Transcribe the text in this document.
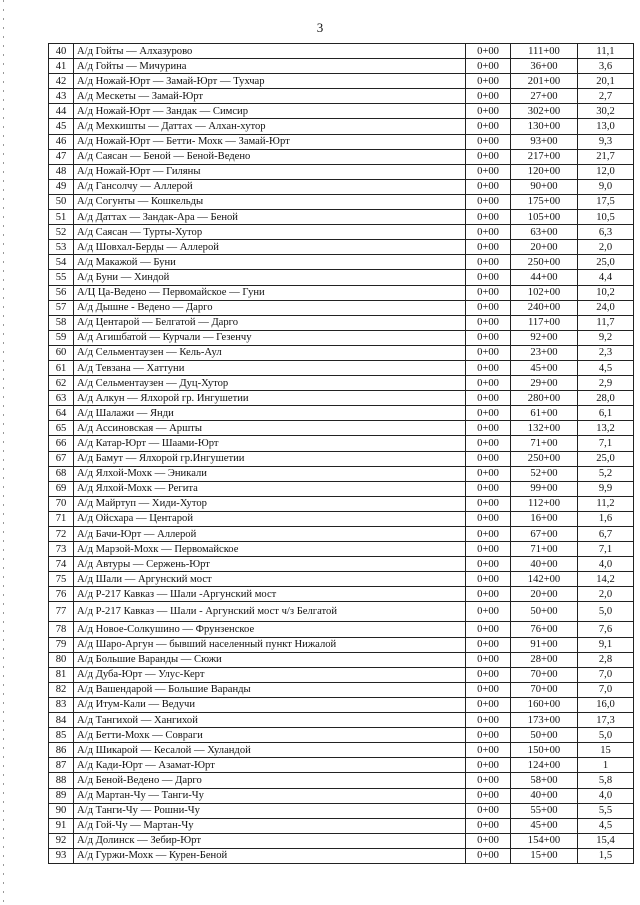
3
40	А/д Гойты — Алхазурово	0+00	111+00	11,1
41	А/д Гойты — Мичурина	0+00	36+00	3,6
42	А/д Ножай-Юрт — Замай-Юрт — Тухчар	0+00	201+00	20,1
43	А/д Мескеты — Замай-Юрт	0+00	27+00	2,7
44	А/д Ножай-Юрт — Зандак — Симсир	0+00	302+00	30,2
45	А/д Мехкишты — Даттах — Алхан-хутор	0+00	130+00	13,0
46	А/д Ножай-Юрт — Бетти- Мохк — Замай-Юрт	0+00	93+00	9,3
47	А/д Саясан — Беной — Беной-Ведено	0+00	217+00	21,7
48	А/д Ножай-Юрт — Гиляны	0+00	120+00	12,0
49	А/д Гансолчу — Аллерой	0+00	90+00	9,0
50	А/д Согунты — Кошкельды	0+00	175+00	17,5
51	А/д Даттах — Зандак-Ара — Беной	0+00	105+00	10,5
52	А/д Саясан — Турты-Хутор	0+00	63+00	6,3
53	А/д Шовхал-Берды — Аллерой	0+00	20+00	2,0
54	А/д Макажой — Буни	0+00	250+00	25,0
55	А/д Буни — Хиндой	0+00	44+00	4,4
56	А/Ц Ца-Ведено — Первомайское — Гуни	0+00	102+00	10,2
57	А/д Дышне - Ведено — Дарго	0+00	240+00	24,0
58	А/д Центарой — Белгатой — Дарго	0+00	117+00	11,7
59	А/д Агишбатой — Курчали — Гезенчу	0+00	92+00	9,2
60	А/д Сельментаузен — Кель-Аул	0+00	23+00	2,3
61	А/д Тевзана — Хаттуни	0+00	45+00	4,5
62	А/д Сельментаузен — Дуц-Хутор	0+00	29+00	2,9
63	А/д Алкун — Ялхорой гр. Ингушетии	0+00	280+00	28,0
64	А/д Шалажи — Янди	0+00	61+00	6,1
65	А/д Ассиновская — Аршты	0+00	132+00	13,2
66	А/д Катар-Юрт — Шаами-Юрт	0+00	71+00	7,1
67	А/д Бамут — Ялхорой гр.Ингушетии	0+00	250+00	25,0
68	А/д Ялхой-Мохк — Эникали	0+00	52+00	5,2
69	А/д Ялхой-Мохк — Регита	0+00	99+00	9,9
70	А/д Майртуп — Хиди-Хутор	0+00	112+00	11,2
71	А/д Ойсхара — Центарой	0+00	16+00	1,6
72	А/д Бачи-Юрт — Аллерой	0+00	67+00	6,7
73	А/д Марзой-Мохк — Первомайское	0+00	71+00	7,1
74	А/д Автуры — Сержень-Юрт	0+00	40+00	4,0
75	А/д Шали — Аргунский мост	0+00	142+00	14,2
76	А/д Р-217 Кавказ — Шали -Аргунский мост	0+00	20+00	2,0
77	А/д Р-217 Кавказ — Шали - Аргунский мост ч/з Белгатой	0+00	50+00	5,0
78	А/д Новое-Солкушино — Фрунзенское	0+00	76+00	7,6
79	А/д Шаро-Аргун — бывший населенный пункт Нижалой	0+00	91+00	9,1
80	А/д Большие Варанды — Сюжи	0+00	28+00	2,8
81	А/д Дуба-Юрт — Улус-Керт	0+00	70+00	7,0
82	А/д Вашендарой — Большие Варанды	0+00	70+00	7,0
83	А/д Итум-Кали — Ведучи	0+00	160+00	16,0
84	А/д Тангихой — Хангихой	0+00	173+00	17,3
85	А/д Бетти-Мохк — Совраги	0+00	50+00	5,0
86	А/д Шикарой — Кесалой — Хуландой	0+00	150+00	15
87	А/д Кади-Юрт — Азамат-Юрт	0+00	124+00	1
88	А/д Беной-Ведено — Дарго	0+00	58+00	5,8
89	А/д Мартан-Чу — Танги-Чу	0+00	40+00	4,0
90	А/д Танги-Чу — Рошни-Чу	0+00	55+00	5,5
91	А/д Гой-Чу — Мартан-Чу	0+00	45+00	4,5
92	А/д Долинск — Зебир-Юрт	0+00	154+00	15,4
93	А/д Гуржи-Мохк — Курен-Беной	0+00	15+00	1,5
